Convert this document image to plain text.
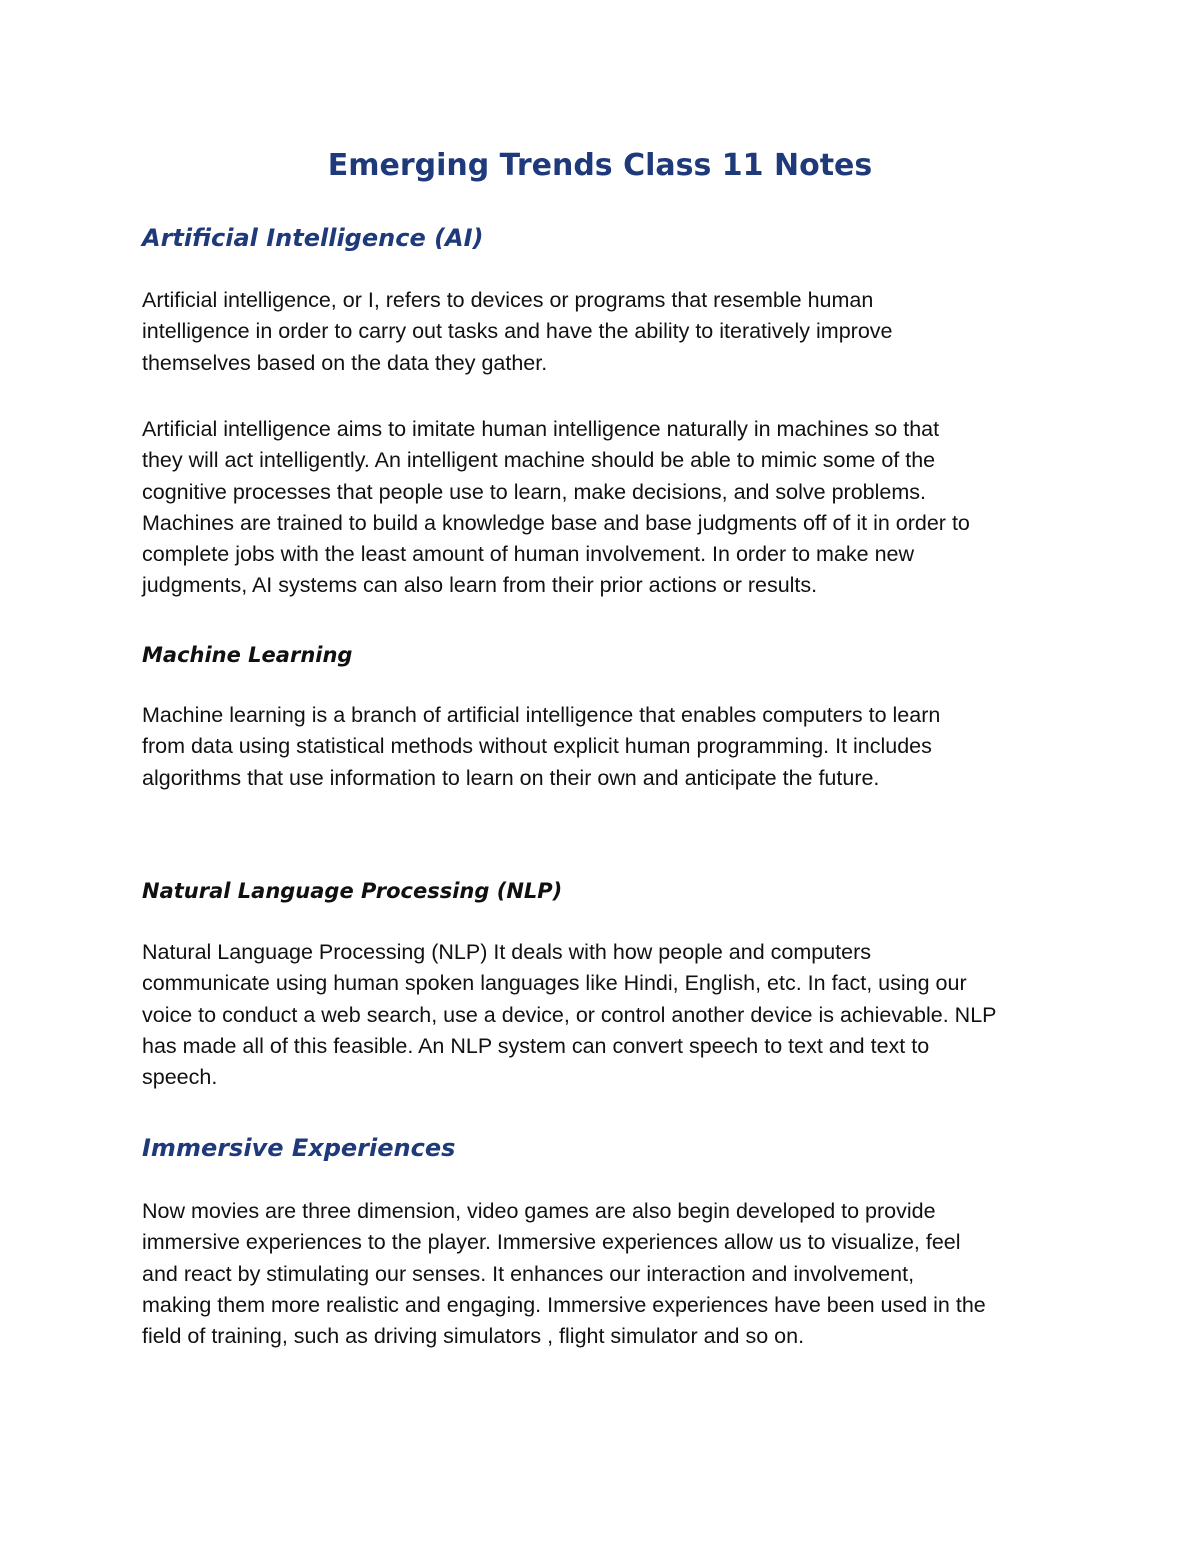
Emerging Trends Class 11 Notes
Artificial Intelligence (AI)

Artificial intelligence, or I, refers to devices or programs that resemble human
intelligence in order to carry out tasks and have the ability to iteratively improve
themselves based on the data they gather.

Artificial intelligence aims to imitate human intelligence naturally in machines so that
they will act intelligently. An intelligent machine should be able to mimic some of the
cognitive processes that people use to learn, make decisions, and solve problems.
Machines are trained to build a knowledge base and base judgments off of it in order to
complete jobs with the least amount of human involvement. In order to make new
judgments, AI systems can also learn from their prior actions or results.

Machine Learning

Machine learning is a branch of artificial intelligence that enables computers to learn
from data using statistical methods without explicit human programming. It includes
algorithms that use information to learn on their own and anticipate the future.

Natural Language Processing (NLP)

Natural Language Processing (NLP) It deals with how people and computers
communicate using human spoken languages like Hindi, English, etc. In fact, using our
voice to conduct a web search, use a device, or control another device is achievable. NLP
has made all of this feasible. An NLP system can convert speech to text and text to
speech.

Immersive Experiences

Now movies are three dimension, video games are also begin developed to provide
immersive experiences to the player. Immersive experiences allow us to visualize, feel
and react by stimulating our senses. It enhances our interaction and involvement,
making them more realistic and engaging. Immersive experiences have been used in the
field of training, such as driving simulators , flight simulator and so on.
